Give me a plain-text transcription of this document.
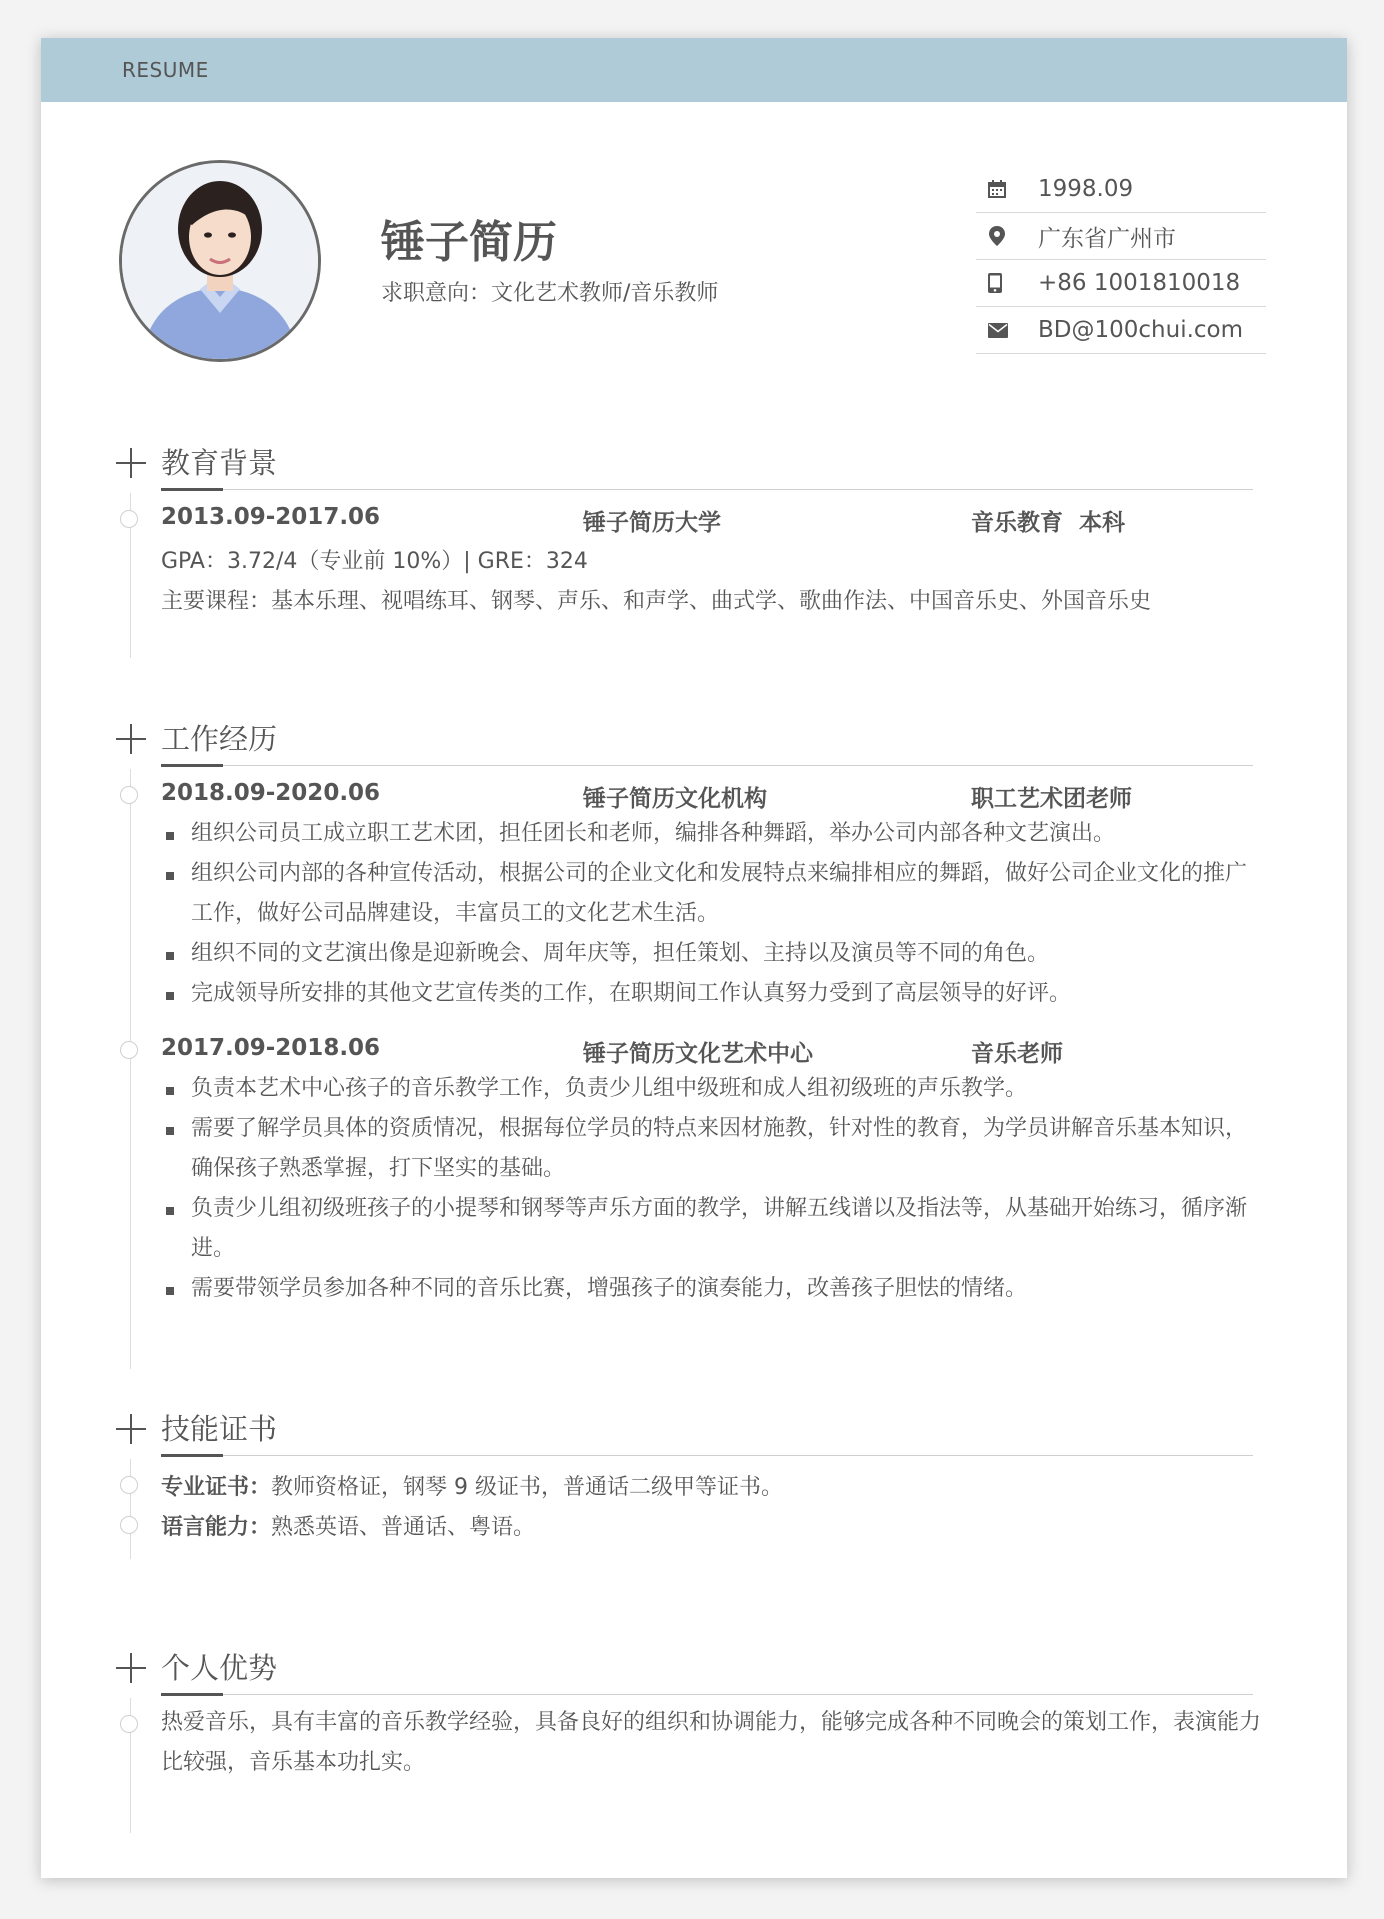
RESUME
锤子简历
求职意向：文化艺术教师/音乐教师
1998.09
广东省广州市
+86 1001810018
BD@100chui.com
教育背景
2013.09-2017.06	锤子简历大学	音乐教育  本科
GPA：3.72/4（专业前 10%）| GRE：324
主要课程：基本乐理、视唱练耳、钢琴、声乐、和声学、曲式学、歌曲作法、中国音乐史、外国音乐史
工作经历
2018.09-2020.06	锤子简历文化机构	职工艺术团老师
组织公司员工成立职工艺术团，担任团长和老师，编排各种舞蹈，举办公司内部各种文艺演出。
组织公司内部的各种宣传活动，根据公司的企业文化和发展特点来编排相应的舞蹈，做好公司企业文化的推广工作，做好公司品牌建设，丰富员工的文化艺术生活。
组织不同的文艺演出像是迎新晚会、周年庆等，担任策划、主持以及演员等不同的角色。
完成领导所安排的其他文艺宣传类的工作，在职期间工作认真努力受到了高层领导的好评。
2017.09-2018.06	锤子简历文化艺术中心	音乐老师
负责本艺术中心孩子的音乐教学工作，负责少儿组中级班和成人组初级班的声乐教学。
需要了解学员具体的资质情况，根据每位学员的特点来因材施教，针对性的教育，为学员讲解音乐基本知识，确保孩子熟悉掌握，打下坚实的基础。
负责少儿组初级班孩子的小提琴和钢琴等声乐方面的教学，讲解五线谱以及指法等，从基础开始练习，循序渐进。
需要带领学员参加各种不同的音乐比赛，增强孩子的演奏能力，改善孩子胆怯的情绪。
技能证书
专业证书：教师资格证，钢琴 9 级证书，普通话二级甲等证书。
语言能力：熟悉英语、普通话、粤语。
个人优势
热爱音乐，具有丰富的音乐教学经验，具备良好的组织和协调能力，能够完成各种不同晚会的策划工作，表演能力比较强，音乐基本功扎实。
